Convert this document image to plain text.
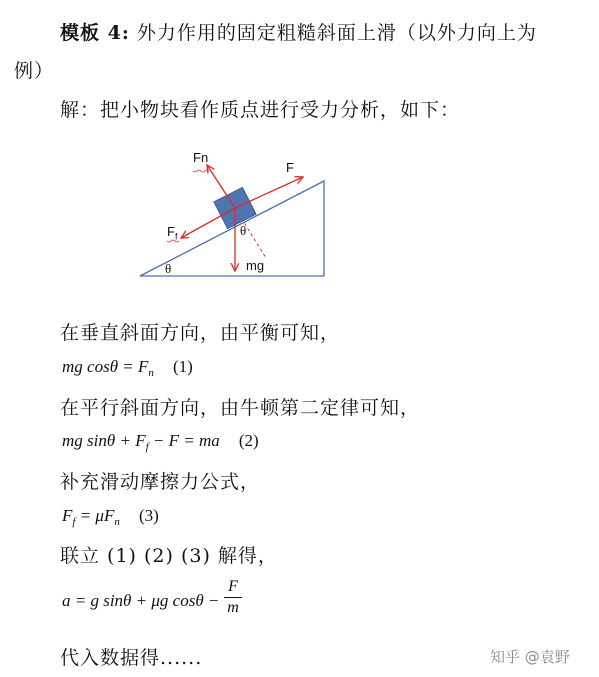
模板 4: 外力作用的固定粗糙斜面上滑（以外力向上为
例）
解：把小物块看作质点进行受力分析，如下：
Fn
F
$F_f$	θ
θ	mg
在垂直斜面方向，由平衡可知，
mg $\cos\theta = F_n$ (1)
在平行斜面方向，由牛顿第二定律可知，
mg $\sin\theta + F_f - F$ = ma (2)
补充滑动摩擦力公式，
$F_f = \mu F_n$ (3)
联立 (1) (2) (3) 解得，
a = g sinθ + μg cosθ −
F
m
代入数据得......	知乎 @袁野
